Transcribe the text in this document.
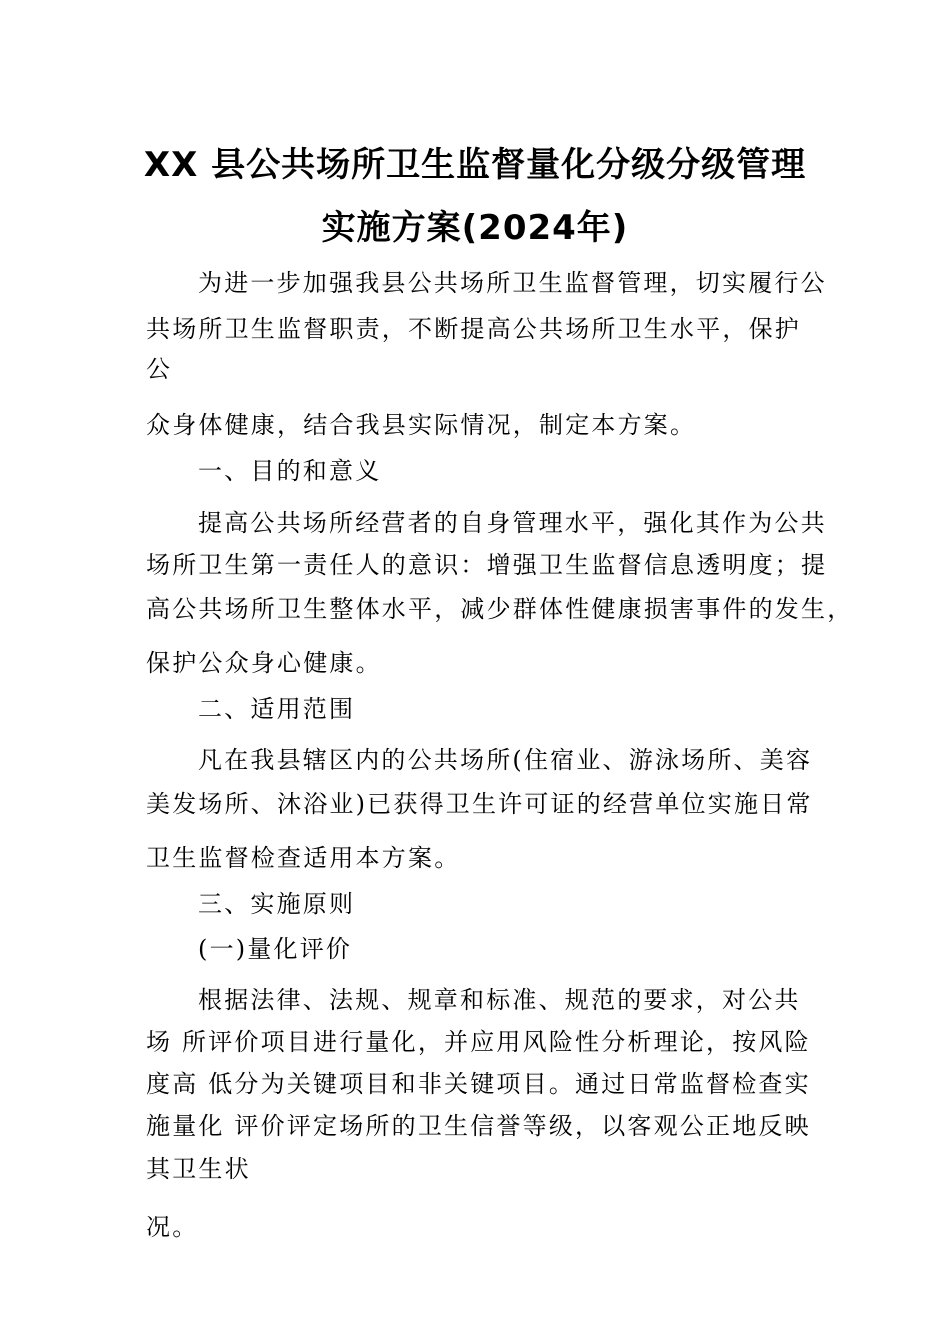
XX 县公共场所卫生监督量化分级分级管理
实施方案(2024年)
为进一步加强我县公共场所卫生监督管理，切实履行公
共场所卫生监督职责，不断提高公共场所卫生水平，保护
公
众身体健康，结合我县实际情况，制定本方案。
一、目的和意义
提高公共场所经营者的自身管理水平，强化其作为公共
场所卫生第一责任人的意识：增强卫生监督信息透明度；提
高公共场所卫生整体水平，减少群体性健康损害事件的发生，
保护公众身心健康。
二、适用范围
凡在我县辖区内的公共场所(住宿业、游泳场所、美容
美发场所、沐浴业)已获得卫生许可证的经营单位实施日常
卫生监督检查适用本方案。
三、实施原则
(一)量化评价
根据法律、法规、规章和标准、规范的要求，对公共
场 所评价项目进行量化，并应用风险性分析理论，按风险
度高 低分为关键项目和非关键项目。通过日常监督检查实
施量化 评价评定场所的卫生信誉等级，以客观公正地反映
其卫生状
况。
